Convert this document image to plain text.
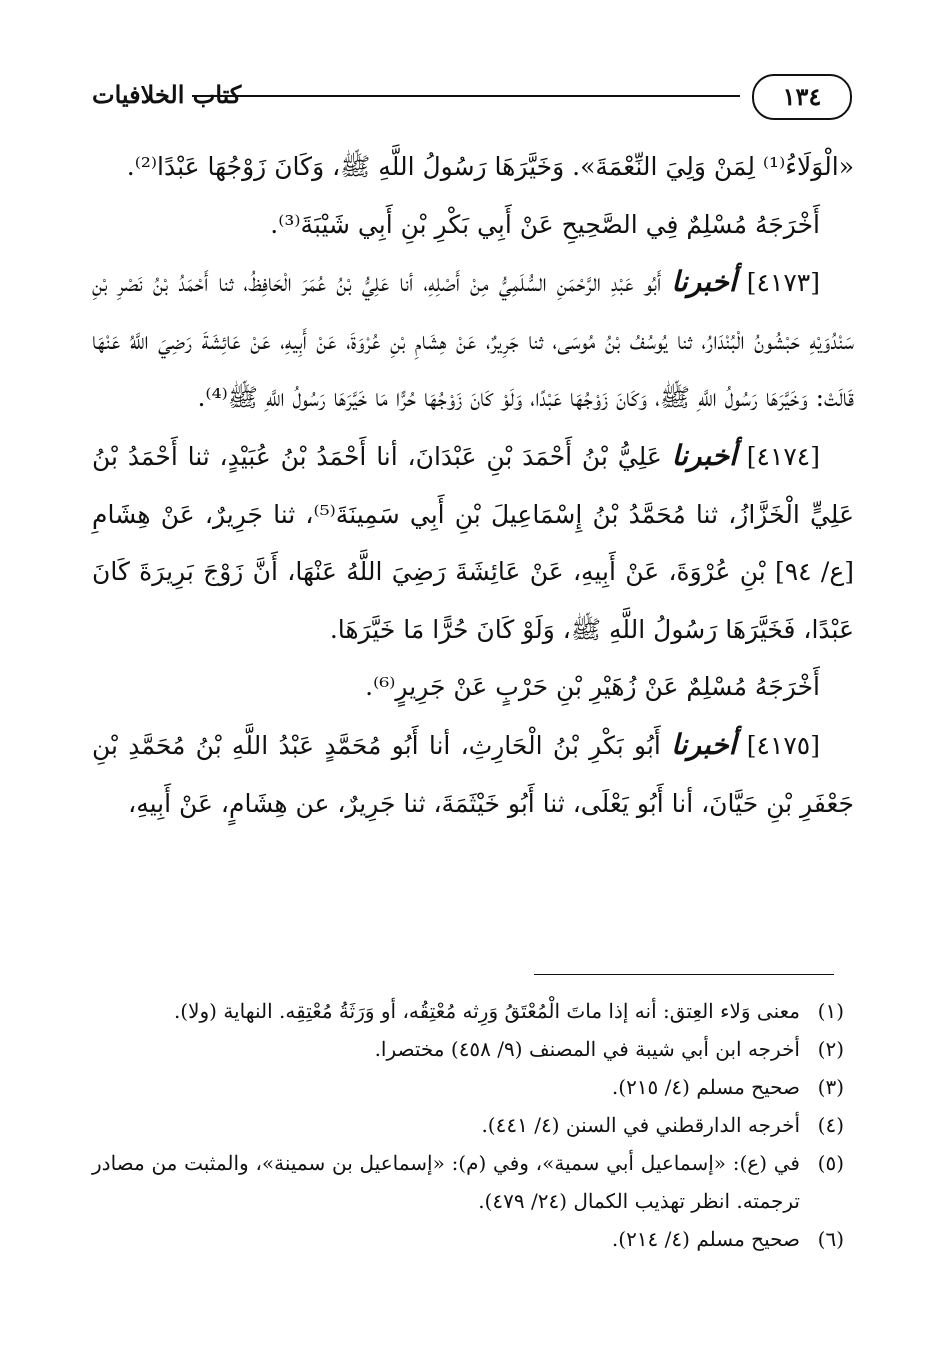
١٣٤
كتاب الخلافيات

«الْوَلَاءُ⁽¹⁾ لِمَنْ وَلِيَ النِّعْمَةَ». وَخَيَّرَهَا رَسُولُ اللَّهِ ﷺ، وَكَانَ زَوْجُهَا عَبْدًا⁽²⁾.

أَخْرَجَهُ مُسْلِمٌ فِي الصَّحِيحِ عَنْ أَبِي بَكْرِ بْنِ أَبِي شَيْبَةَ⁽³⁾.

[٤١٧٣] أخبرنا أَبُو عَبْدِ الرَّحْمَنِ السُّلَمِيُّ مِنْ أَصْلِهِ، أنا عَلِيُّ بْنُ عُمَرَ الْحَافِظُ، ثنا أَحْمَدُ بْنُ نَصْرِ بْنِ سَنْدُوَيْهِ حَبْشُونُ الْبُنْدَارُ، ثنا يُوسُفُ بْنُ مُوسَى، ثنا جَرِيرٌ، عَنْ هِشَامِ بْنِ عُرْوَةَ، عَنْ أَبِيهِ، عَنْ عَائِشَةَ رَضِيَ اللَّهُ عَنْهَا قَالَتْ: وَخَيَّرَهَا رَسُولُ اللَّهِ ﷺ، وَكَانَ زَوْجُهَا عَبْدًا، وَلَوْ كَانَ زَوْجُهَا حُرًّا مَا خَيَّرَهَا رَسُولُ اللَّهِ ﷺ⁽⁴⁾.

[٤١٧٤] أخبرنا عَلِيُّ بْنُ أَحْمَدَ بْنِ عَبْدَانَ، أنا أَحْمَدُ بْنُ عُبَيْدٍ، ثنا أَحْمَدُ بْنُ عَلِيٍّ الْخَزَّازُ، ثنا مُحَمَّدُ بْنُ إِسْمَاعِيلَ بْنِ أَبِي سَمِينَةَ⁽⁵⁾، ثنا جَرِيرٌ، عَنْ هِشَامِ [ع/ ٩٤] بْنِ عُرْوَةَ، عَنْ أَبِيهِ، عَنْ عَائِشَةَ رَضِيَ اللَّهُ عَنْهَا، أَنَّ زَوْجَ بَرِيرَةَ كَانَ عَبْدًا، فَخَيَّرَهَا رَسُولُ اللَّهِ ﷺ، وَلَوْ كَانَ حُرًّا مَا خَيَّرَهَا.

أَخْرَجَهُ مُسْلِمٌ عَنْ زُهَيْرِ بْنِ حَرْبٍ عَنْ جَرِيرٍ⁽⁶⁾.

[٤١٧٥] أخبرنا أَبُو بَكْرِ بْنُ الْحَارِثِ، أنا أَبُو مُحَمَّدٍ عَبْدُ اللَّهِ بْنُ مُحَمَّدِ بْنِ جَعْفَرِ بْنِ حَيَّانَ، أنا أَبُو يَعْلَى، ثنا أَبُو خَيْثَمَةَ، ثنا جَرِيرٌ، عن هِشَامٍ، عَنْ أَبِيهِ،

(١)
معنى وَلاء العِتق: أنه إذا ماتَ الْمُعْتَقُ وَرِثه مُعْتِقُه، أو وَرَثَةُ مُعْتِقِه. النهاية (ولا).
(٢)
أخرجه ابن أبي شيبة في المصنف (٩/ ٤٥٨) مختصرا.
(٣)
صحيح مسلم (٤/ ٢١٥).
(٤)
أخرجه الدارقطني في السنن (٤/ ٤٤١).
(٥)
في (ع): «إسماعيل أبي سمية»، وفي (م): «إسماعيل بن سمينة»، والمثبت من مصادر ترجمته. انظر تهذيب الكمال (٢٤/ ٤٧٩).
(٦)
صحيح مسلم (٤/ ٢١٤).
